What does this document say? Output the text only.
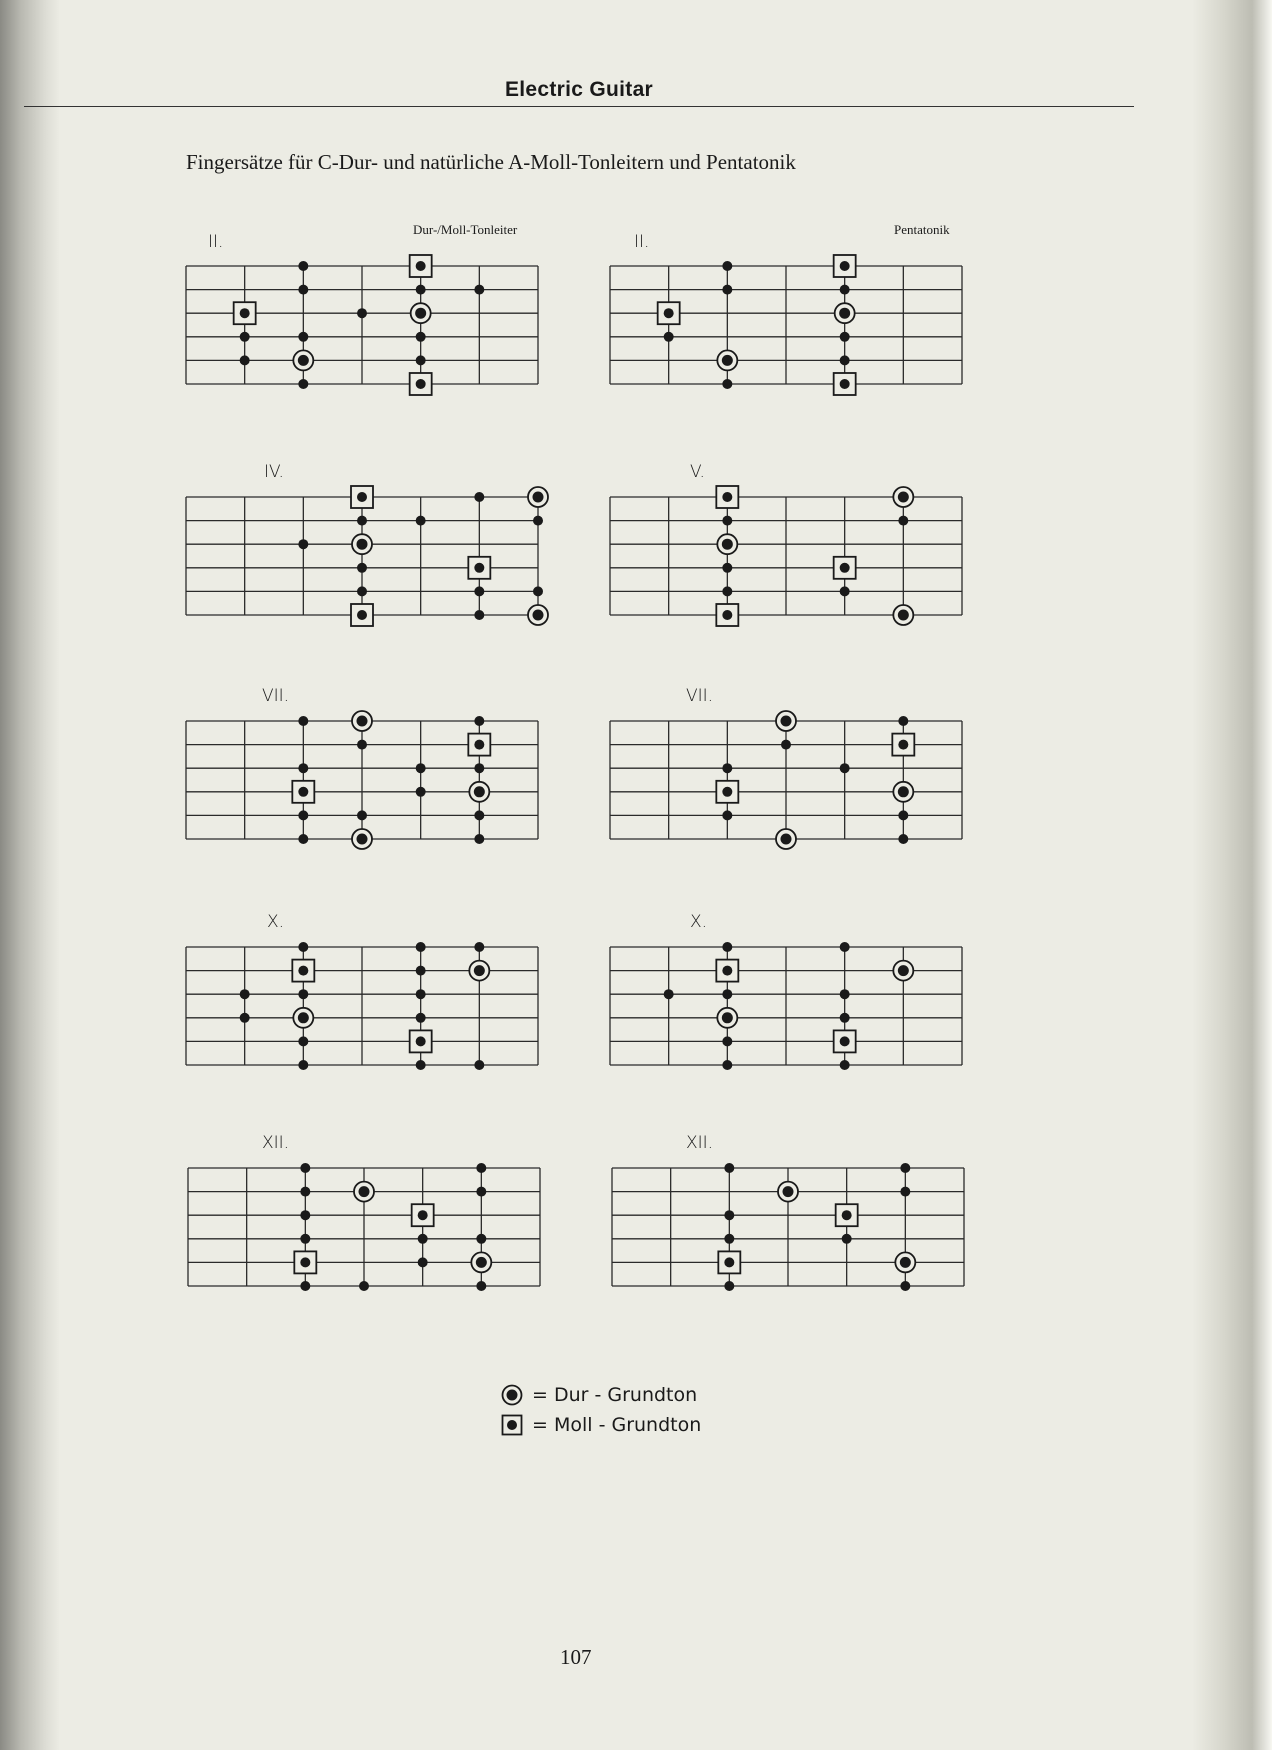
Electric Guitar
Fingersätze für C-Dur- und natürliche A-Moll-Tonleitern und Pentatonik
Dur-/Moll-Tonleiter	Pentatonik
II.	II.
IV.	V.
VII.	VII.
X.	X.
XII.	XII.
= Dur - Grundton
= Moll - Grundton
107
